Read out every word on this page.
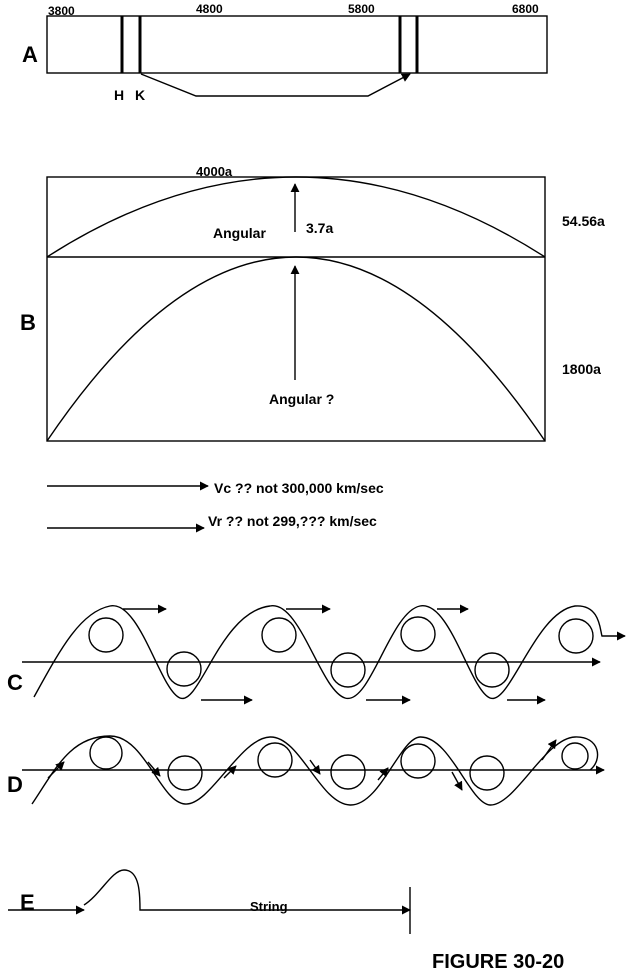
A
3800	4800	5800	6800
H K
B
4000a
3.7a
Angular
54.56a
Angular ?
1800a
Vc ?? not 300,000 km/sec
Vr ?? not 299,??? km/sec
C
D
E	String
FIGURE 30-20
